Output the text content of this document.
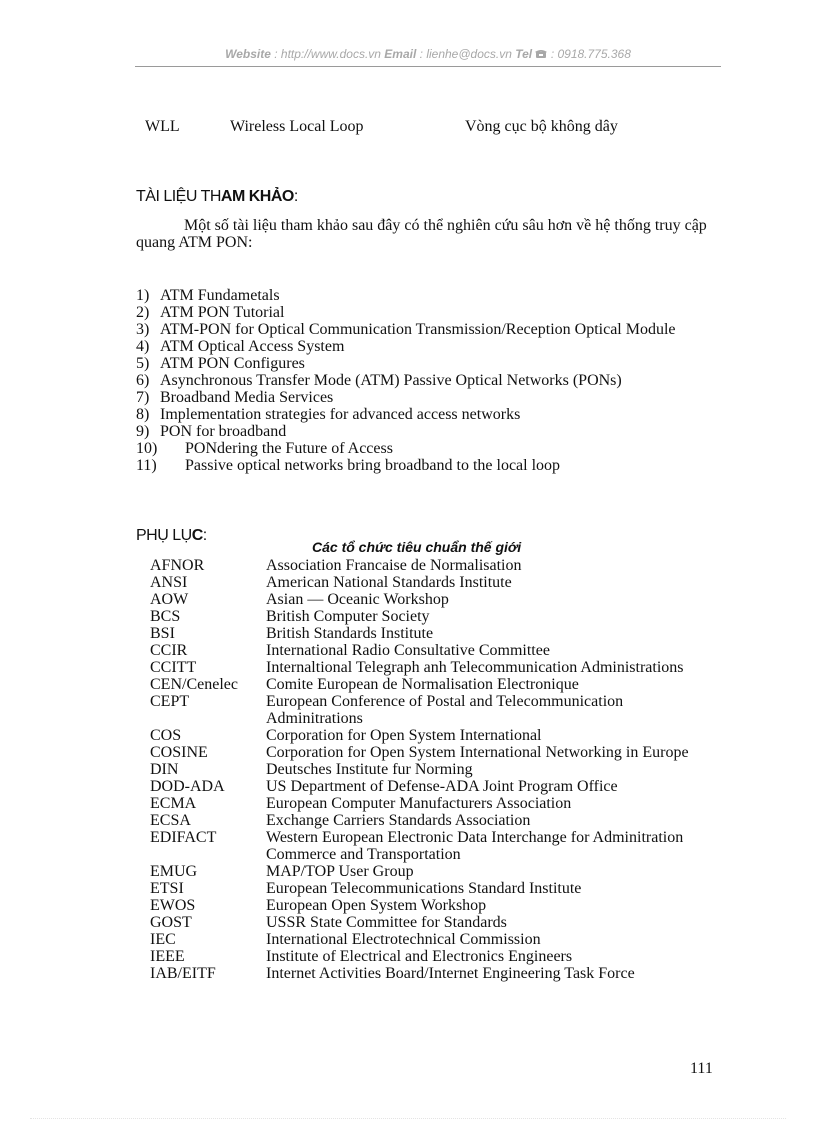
Website : http://www.docs.vn Email : lienhe@docs.vn Tel  : 0918.775.368
WLL	Wireless Local Loop	Vòng cục bộ không dây
TÀI LIỆU THAM KHẢO:
Một số tài liệu tham khảo sau đây có thể nghiên cứu sâu hơn về hệ thống truy cập quang ATM PON:
1) ATM Fundametals
2) ATM PON Tutorial
3) ATM-PON for Optical Communication Transmission/Reception Optical Module
4) ATM Optical Access System
5) ATM PON Configures
6) Asynchronous Transfer Mode (ATM) Passive Optical Networks (PONs)
7) Broadband Media Services
8) Implementation strategies for advanced access networks
9) PON for broadband
10) PONdering the Future of Access
11) Passive optical networks bring broadband to the local loop
PHỤ LỤC:
Các tổ chức tiêu chuẩn thế giới
AFNOR	Association Francaise de Normalisation
ANSI	American National Standards Institute
AOW	Asian — Oceanic Workshop
BCS	British Computer Society
BSI	British Standards Institute
CCIR	International Radio Consultative Committee
CCITT	Internaltional Telegraph anh Telecommunication Administrations
CEN/Cenelec Comite European de Normalisation Electronique
CEPT	European Conference of Postal and Telecommunication Adminitrations
COS	Corporation for Open System International
COSINE	Corporation for Open System International Networking in Europe
DIN	Deutsches Institute fur Norming
DOD-ADA	US Department of Defense-ADA Joint Program Office
ECMA	European Computer Manufacturers Association
ECSA	Exchange Carriers Standards Association
EDIFACT	Western European Electronic Data Interchange for Adminitration Commerce and Transportation
EMUG	MAP/TOP User Group
ETSI	European Telecommunications Standard Institute
EWOS	European Open System Workshop
GOST	USSR State Committee for Standards
IEC	International Electrotechnical Commission
IEEE	Institute of Electrical and Electronics Engineers
IAB/EITF	Internet Activities Board/Internet Engineering Task Force
111
